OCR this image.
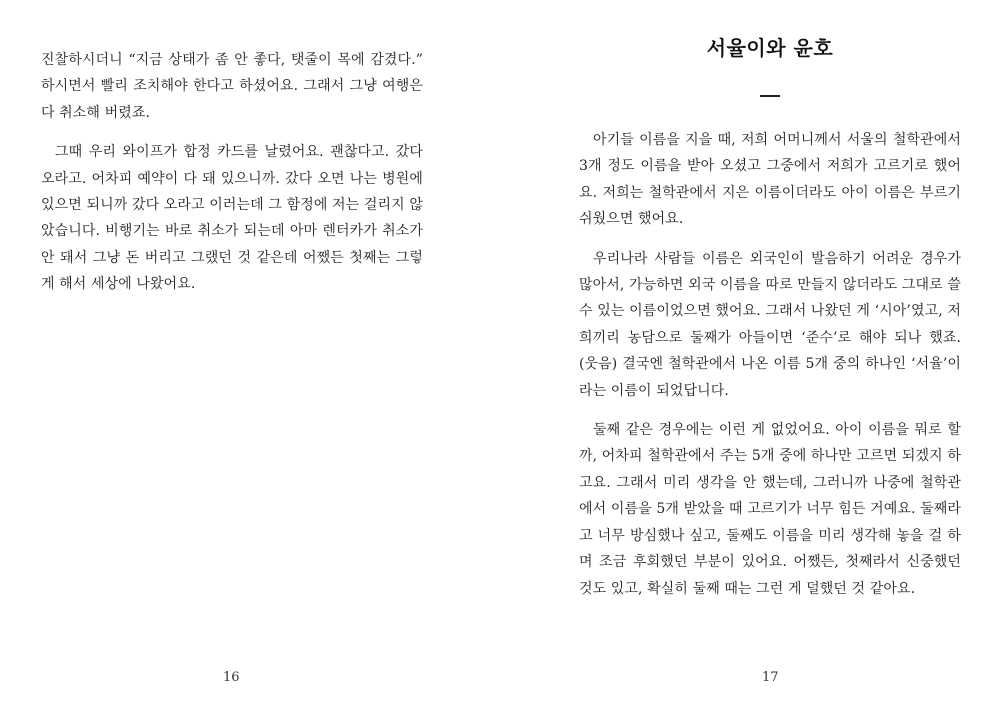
진찰하시더니 “지금 상태가 좀 안 좋다, 탯줄이 목에 감겼다.” 하시면서 빨리 조치해야 한다고 하셨어요. 그래서 그냥 여행은 다 취소해 버렸죠.

그때 우리 와이프가 합정 카드를 날렸어요. 괜찮다고. 갔다 오라고. 어차피 예약이 다 돼 있으니까. 갔다 오면 나는 병원에 있으면 되니까 갔다 오라고 이러는데 그 함정에 저는 걸리지 않았습니다. 비행기는 바로 취소가 되는데 아마 렌터카가 취소가 안 돼서 그냥 돈 버리고 그랬던 것 같은데 어쨌든 첫째는 그렇게 해서 세상에 나왔어요.

16
서율이와 윤호

아기들 이름을 지을 때, 저희 어머니께서 서울의 철학관에서 3개 정도 이름을 받아 오셨고 그중에서 저희가 고르기로 했어요. 저희는 철학관에서 지은 이름이더라도 아이 이름은 부르기 쉬웠으면 했어요.

우리나라 사람들 이름은 외국인이 발음하기 어려운 경우가 많아서, 가능하면 외국 이름을 따로 만들지 않더라도 그대로 쓸 수 있는 이름이었으면 했어요. 그래서 나왔던 게 ‘시아’였고, 저희끼리 농담으로 둘째가 아들이면 ‘준수’로 해야 되나 했죠. (웃음) 결국엔 철학관에서 나온 이름 5개 중의 하나인 ‘서율’이라는 이름이 되었답니다.

둘째 같은 경우에는 이런 게 없었어요. 아이 이름을 뭐로 할까, 어차피 철학관에서 주는 5개 중에 하나만 고르면 되겠지 하고요. 그래서 미리 생각을 안 했는데, 그러니까 나중에 철학관에서 이름을 5개 받았을 때 고르기가 너무 힘든 거예요. 둘째라고 너무 방심했나 싶고, 둘째도 이름을 미리 생각해 놓을 걸 하며 조금 후회했던 부분이 있어요. 어쨌든, 첫째라서 신중했던 것도 있고, 확실히 둘째 때는 그런 게 덜했던 것 같아요.

17
